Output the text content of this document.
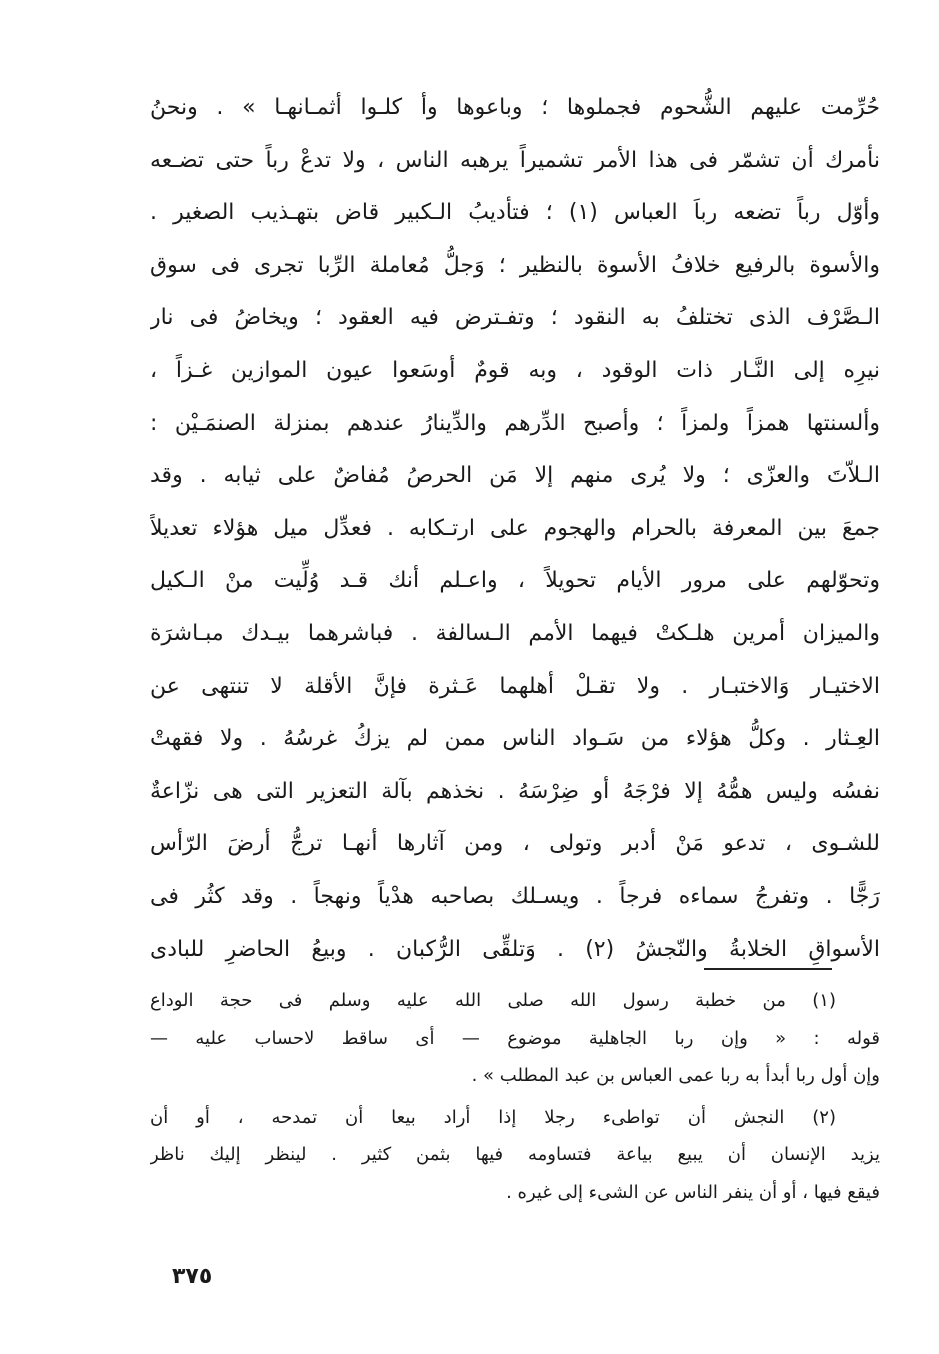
حُرِّمت عليهم الشُّحوم فجملوها ؛ وباعوها وأ كلـوا أثمـانهـا » . ونحنُ
نأمرك أن تشمّر فى هذا الأمر تشميراً يرهبه الناس ، ولا تدعْ رباً حتى تضـعه
وأوّل رباً تضعه رباَ العباس (١) ؛ فتأديبُ الـكبير قاض بتهـذيب الصغير .
والأسوة بالرفيع خلافُ الأسوة بالنظير ؛ وَجلُّ مُعاملة الرِّبا تجرى فى سوق
الـصَّرْف الذى تختلفُ به النقود ؛ وتفـترض فيه العقود ؛ ويخاضُ فى نار
نيرِه إلى النَّـار ذات الوقود ، وبه قومٌ أوسَعوا عيون الموازين غـزاً ،
وألسنتها همزاً ولمزاً ؛ وأصبح الدِّرهم والدِّينارُ عندهم بمنزلة الصنمَـيْن :
الـلاّتَ والعزّى ؛ ولا يُرى منهم إلا مَن الحرصُ مُفاضٌ على ثيابه . وقد
جمعَ بين المعرفة بالحرام والهجوم على ارتـكابه . فعدِّل ميل هؤلاء تعديلاً
وتحوّلهم على مرور الأيام تحويلاً ، واعـلم أنك قـد وُلِّيت منْ الـكيل
والميزان أمرين هلـكتْ فيهما الأمم الـسالفة . فباشرهما بيـدك مبـاشرَة
الاختيـار وَالاختبـار . ولا تقـلْ أهلهما عَـثرة فإنَّ الأقلة لا تنتهى عن
العِـثار . وكلُّ هؤلاء من سَـواد الناس ممن لم يزكُ غرسُهُ . ولا فقهتْ
نفسُه وليس همُّهُ إلا فرْجَهُ أو ضِرْسَهُ . نخذهم بآلة التعزير التى هى نزّاعةٌ
للشـوى ، تدعو مَنْ أدبر وتولى ، ومن آثارها أنهـا ترجُّ أرضَ الرّأس
رَجًّا . وتفرجُ سماءه فرجاً . ويسـلك بصاحبه هدْياً ونهجاً . وقد كثُر فى
الأسواقِ الخلابةُ والنّجشُ (٢) . وَتلقِّى الرُّكبان . وبيعُ الحاضرِ للبادى
(١) من خطبة رسول الله صلى الله عليه وسلم فى حجة الوداع
قوله : « وإن ربا الجاهلية موضوع — أى ساقط لاحساب عليه —
وإن أول ربا أبدأ به ربا عمى العباس بن عبد المطلب » .
(٢) النجش أن تواطىء رجلا إذا أراد بيعا أن تمدحه ، أو أن
يزيد الإنسان أن يبيع بياعة فتساومه فيها بثمن كثير . لينظر إليك ناظر
فيقع فيها ، أو أن ينفر الناس عن الشىء إلى غيره .
٣٧٥
